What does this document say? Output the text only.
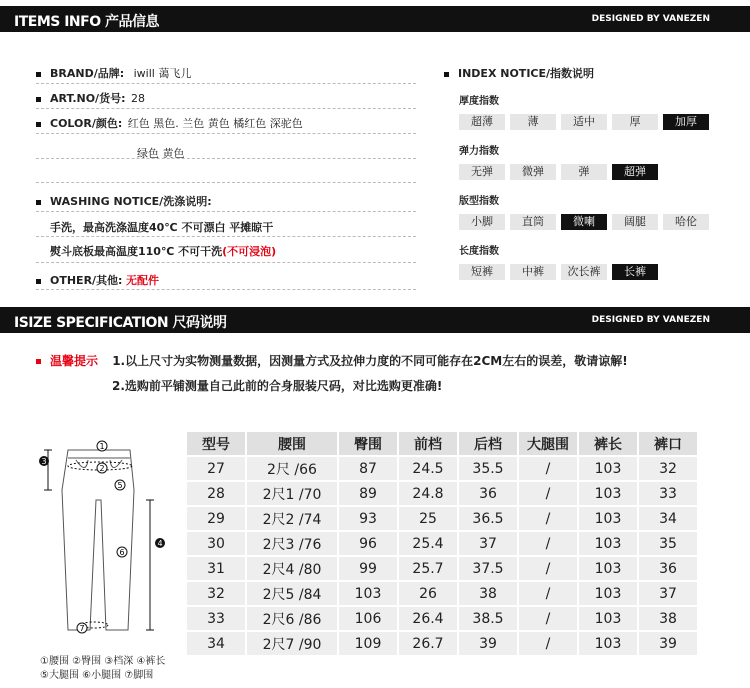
ITEMS INFO 产品信息	DESIGNED BY VANEZEN
BRAND/品牌: iwill 蔼飞儿
ART.NO/货号: 28
COLOR/颜色: 红色 黑色. 兰色 黄色 橘红色 深驼色
绿色 黄色
WASHING NOTICE/洗涤说明:
手洗，最高洗涤温度40℃ 不可漂白 平摊晾干
熨斗底板最高温度110℃ 不可干洗(不可浸泡)
OTHER/其他: 无配件
INDEX NOTICE/指数说明
厚度指数
超薄	薄	适中	厚	加厚
弹力指数
无弹	微弹	弹	超弹
版型指数
小脚	直筒	微喇	阔腿	哈伦
长度指数
短裤	中裤	次长裤	长裤
ISIZE SPECIFICATION 尺码说明	DESIGNED BY VANEZEN
温馨提示 1.以上尺寸为实物测量数据，因测量方式及拉伸力度的不同可能存在2CM左右的误差，敬请谅解!
2.选购前平铺测量自己此前的合身服装尺码，对比选购更准确!
1
2
3
4
5
6
7
①腰围 ②臀围 ③档深 ④裤长
⑤大腿围 ⑥小腿围 ⑦脚围
型号	腰围	臀围	前档	后档	大腿围	裤长	裤口
27	2尺 /66	87	24.5	35.5	/	103	32
28	2尺1 /70	89	24.8	36	/	103	33
29	2尺2 /74	93	25	36.5	/	103	34
30	2尺3 /76	96	25.4	37	/	103	35
31	2尺4 /80	99	25.7	37.5	/	103	36
32	2尺5 /84	103	26	38	/	103	37
33	2尺6 /86	106	26.4	38.5	/	103	38
34	2尺7 /90	109	26.7	39	/	103	39
